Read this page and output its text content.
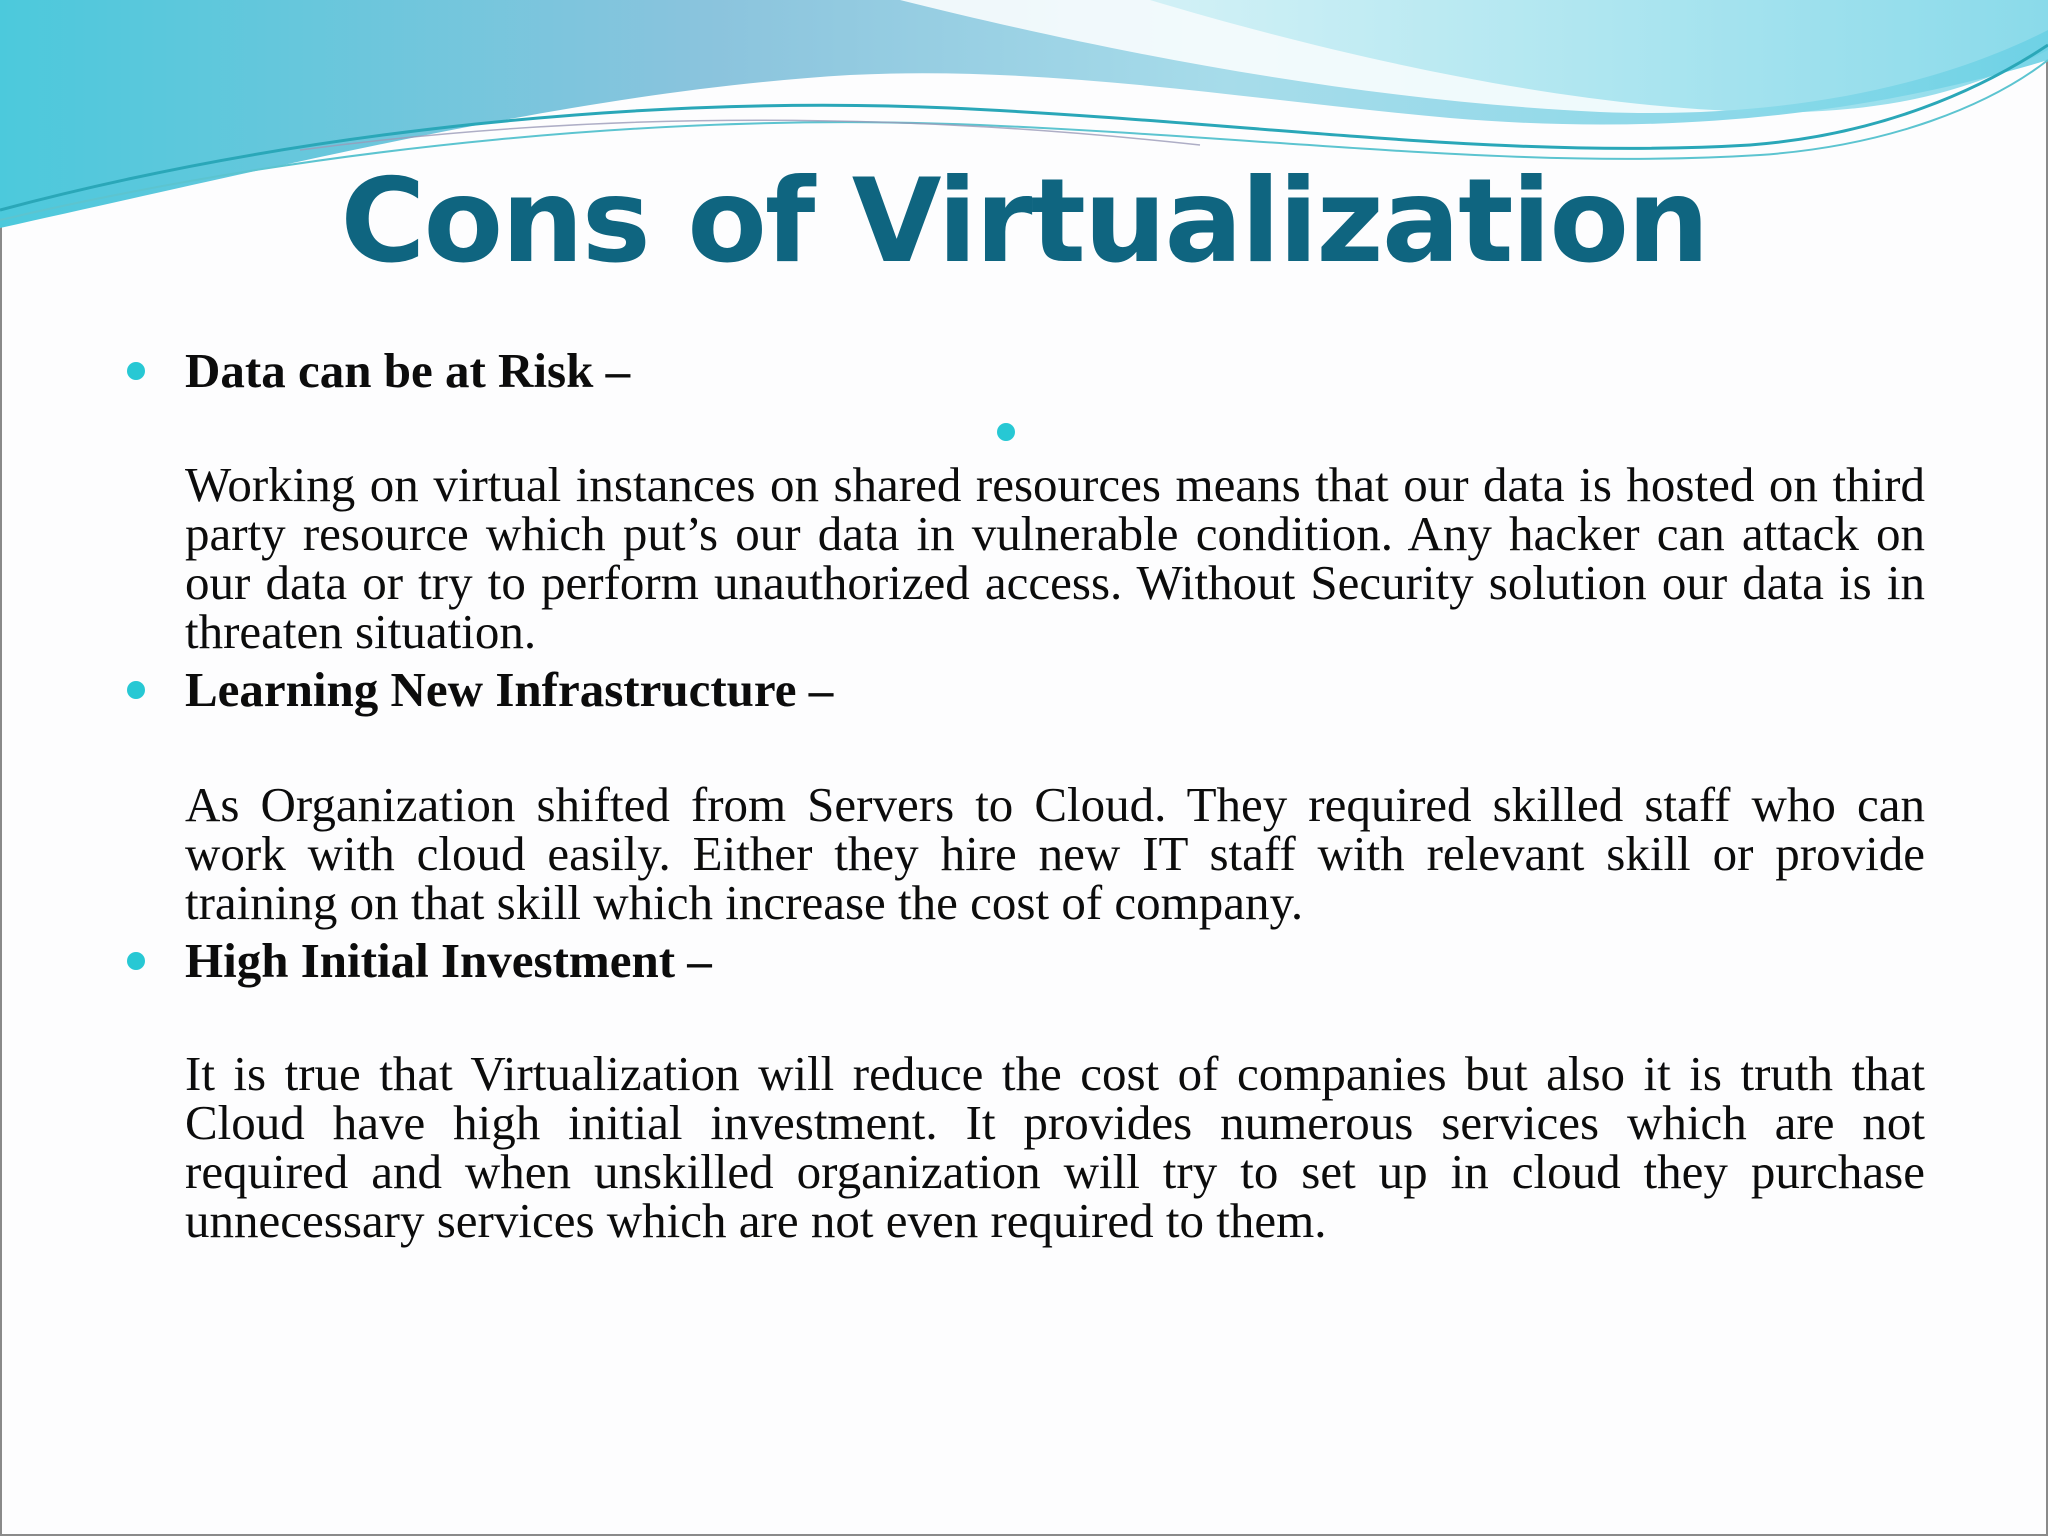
Cons of Virtualization
Data can be at Risk –

Working on virtual instances on shared resources means that our data is hosted on third party resource which put’s our data in vulnerable condition. Any hacker can attack on our data or try to perform unauthorized access. Without Security solution our data is in threaten situation.

Learning New Infrastructure –

As Organization shifted from Servers to Cloud. They required skilled staff who can work with cloud easily. Either they hire new IT staff with relevant skill or provide training on that skill which increase the cost of company.

High Initial Investment –

It is true that Virtualization will reduce the cost of companies but also it is truth that Cloud have high initial investment. It provides numerous services which are not required and when unskilled organization will try to set up in cloud they purchase unnecessary services which are not even required to them.
